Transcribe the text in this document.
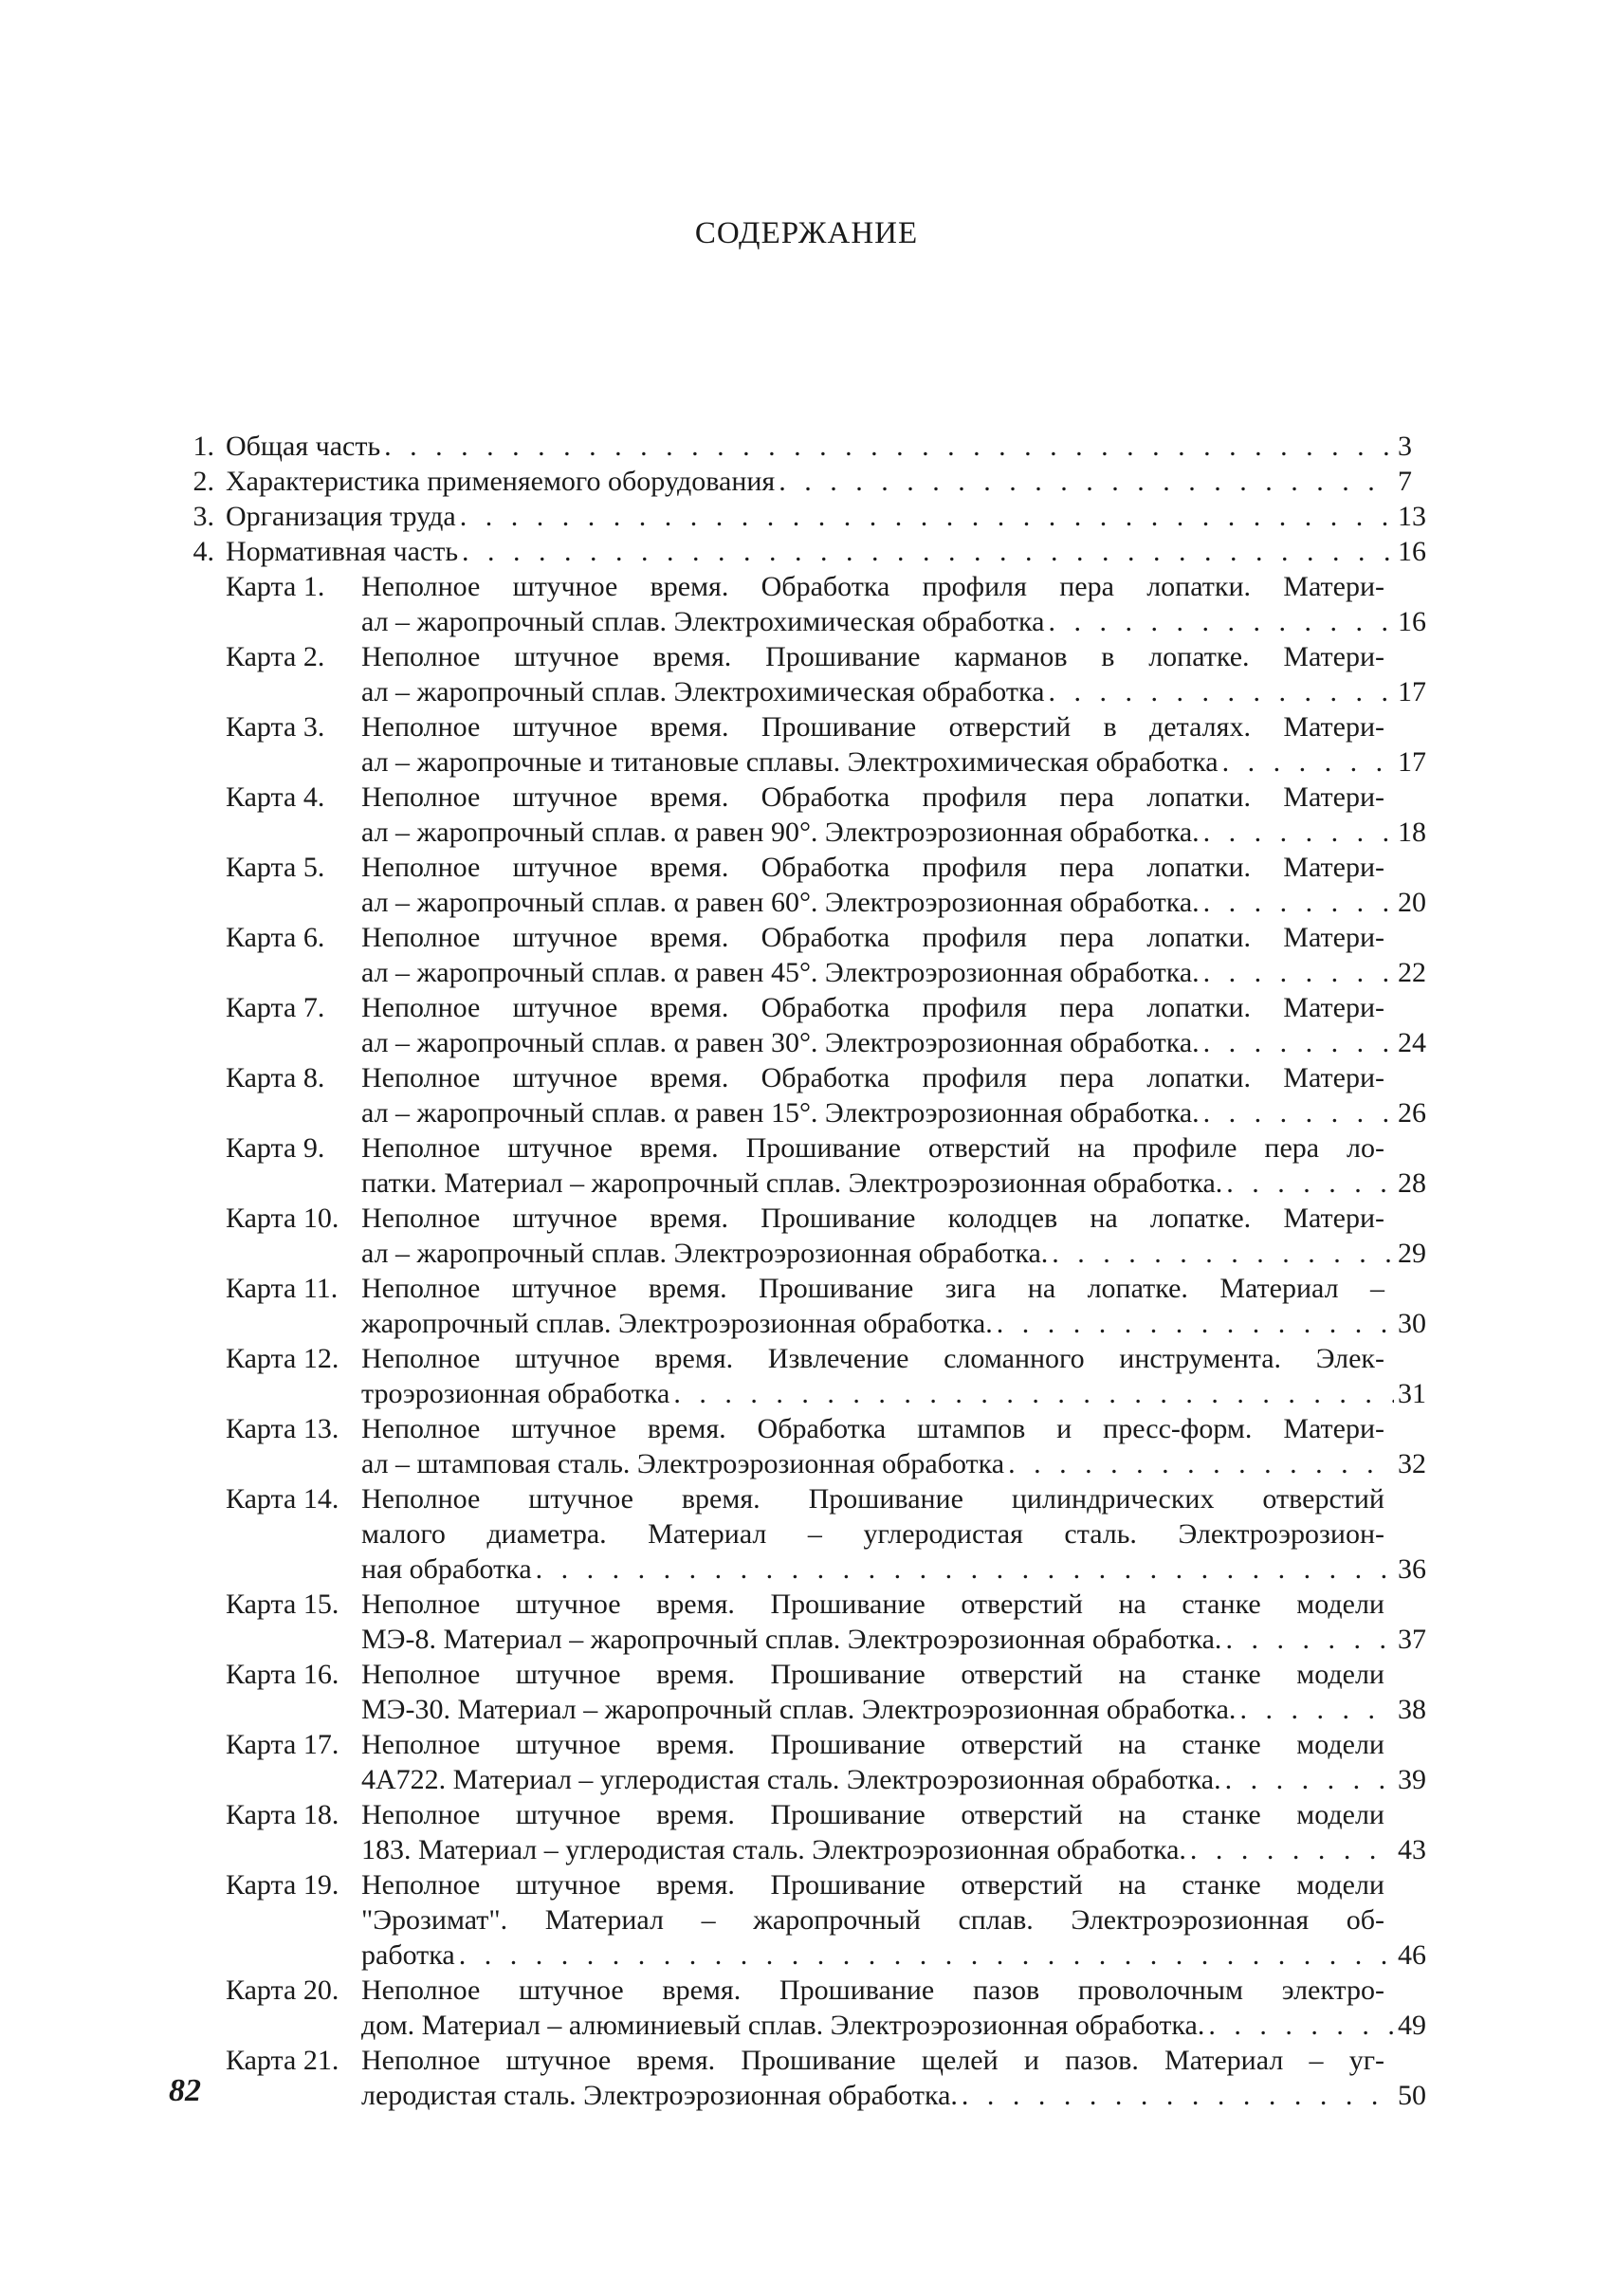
СОДЕРЖАНИЕ
1. Общая часть . . .	3
2. Характеристика применяемого оборудования . . .	7
3. Организация труда . . .	13
4. Нормативная часть . . .	16
Карта 1.	Неполное штучное время. Обработка профиля пера лопатки. Матери-
ал – жаропрочный сплав. Электрохимическая обработка . . .	16
Карта 2.	Неполное штучное время. Прошивание карманов в лопатке. Матери-
ал – жаропрочный сплав. Электрохимическая обработка . . .	17
Карта 3.	Неполное штучное время. Прошивание отверстий в деталях. Матери-
ал – жаропрочные и титановые сплавы. Электрохимическая обработка . . .	17
Карта 4.	Неполное штучное время. Обработка профиля пера лопатки. Матери-
ал – жаропрочный сплав. α равен 90°. Электроэрозионная обработка. . . .	18
Карта 5.	Неполное штучное время. Обработка профиля пера лопатки. Матери-
ал – жаропрочный сплав. α равен 60°. Электроэрозионная обработка. . . .	20
Карта 6.	Неполное штучное время. Обработка профиля пера лопатки. Матери-
ал – жаропрочный сплав. α равен 45°. Электроэрозионная обработка. . . .	22
Карта 7.	Неполное штучное время. Обработка профиля пера лопатки. Матери-
ал – жаропрочный сплав. α равен 30°. Электроэрозионная обработка. . . .	24
Карта 8.	Неполное штучное время. Обработка профиля пера лопатки. Матери-
ал – жаропрочный сплав. α равен 15°. Электроэрозионная обработка. . . .	26
Карта 9.	Неполное штучное время. Прошивание отверстий на профиле пера ло-
патки. Материал – жаропрочный сплав. Электроэрозионная обработка. . . .	28
Карта 10. Неполное штучное время. Прошивание колодцев на лопатке. Матери-
ал – жаропрочный сплав. Электроэрозионная обработка. . . .	29
Карта 11. Неполное штучное время. Прошивание зига на лопатке. Материал –
жаропрочный сплав. Электроэрозионная обработка. . . .	30
Карта 12. Неполное штучное время. Извлечение сломанного инструмента. Элек-
троэрозионная обработка . . .	31
Карта 13. Неполное штучное время. Обработка штампов и пресс-форм. Матери-
ал – штамповая сталь. Электроэрозионная обработка . . .	32
Карта 14. Неполное штучное время. Прошивание цилиндрических отверстий
малого диаметра. Материал – углеродистая сталь. Электроэрозион-
ная обработка . . .	36
Карта 15. Неполное штучное время. Прошивание отверстий на станке модели
МЭ-8. Материал – жаропрочный сплав. Электроэрозионная обработка. . . .	37
Карта 16. Неполное штучное время. Прошивание отверстий на станке модели
МЭ-30. Материал – жаропрочный сплав. Электроэрозионная обработка. . . .	38
Карта 17. Неполное штучное время. Прошивание отверстий на станке модели
4А722. Материал – углеродистая сталь. Электроэрозионная обработка. . . .	39
Карта 18. Неполное штучное время. Прошивание отверстий на станке модели
183. Материал – углеродистая сталь. Электроэрозионная обработка. . . .	43
Карта 19. Неполное штучное время. Прошивание отверстий на станке модели
"Эрозимат". Материал – жаропрочный сплав. Электроэрозионная об-
работка . . .	46
Карта 20. Неполное штучное время. Прошивание пазов проволочным электро-
дом. Материал – алюминиевый сплав. Электроэрозионная обработка. . . .	49
Карта 21. Неполное штучное время. Прошивание щелей и пазов. Материал – уг-
леродистая сталь. Электроэрозионная обработка. . . .	50
82
